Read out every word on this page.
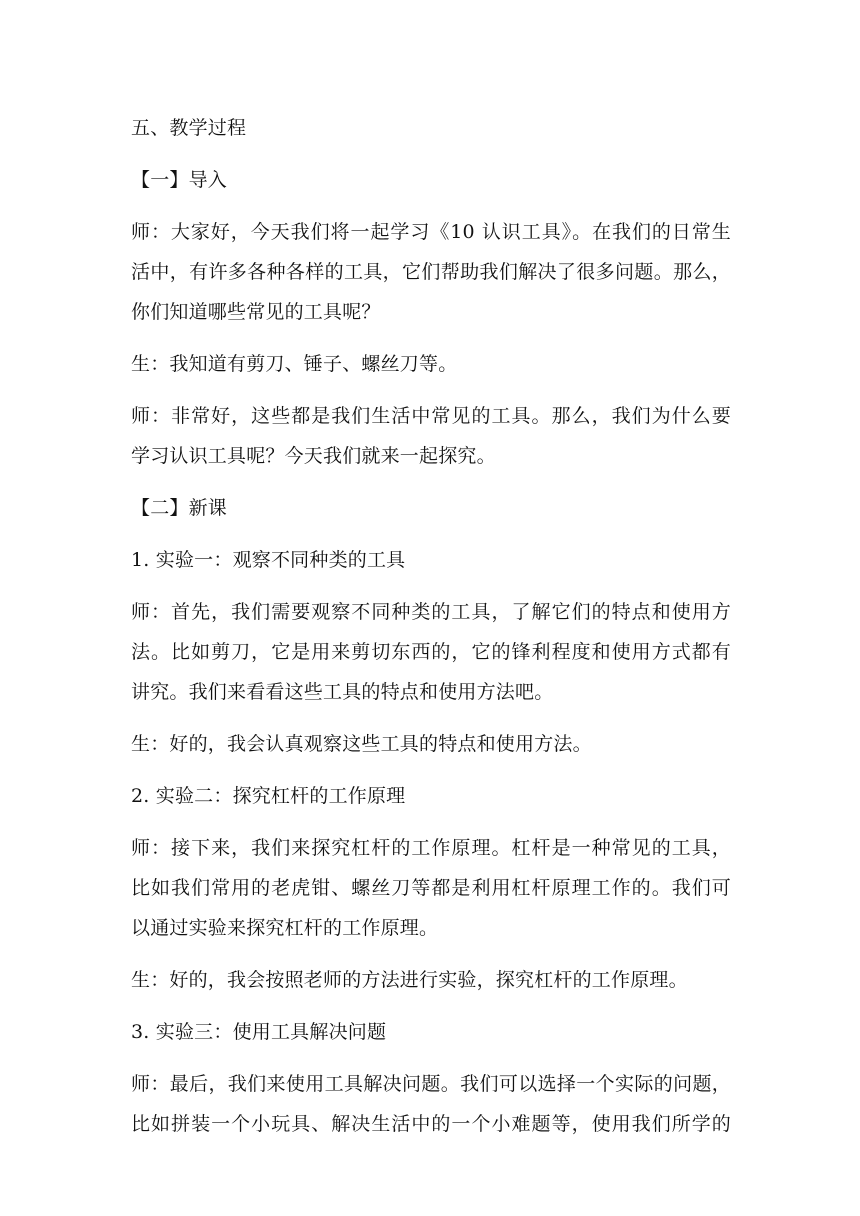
五、教学过程
【一】导入
师：大家好，今天我们将一起学习《10 认识工具》。在我们的日常生
活中，有许多各种各样的工具，它们帮助我们解决了很多问题。那么，
你们知道哪些常见的工具呢？
生：我知道有剪刀、锤子、螺丝刀等。
师：非常好，这些都是我们生活中常见的工具。那么，我们为什么要
学习认识工具呢？今天我们就来一起探究。
【二】新课
1. 实验一：观察不同种类的工具
师：首先，我们需要观察不同种类的工具，了解它们的特点和使用方
法。比如剪刀，它是用来剪切东西的，它的锋利程度和使用方式都有
讲究。我们来看看这些工具的特点和使用方法吧。
生：好的，我会认真观察这些工具的特点和使用方法。
2. 实验二：探究杠杆的工作原理
师：接下来，我们来探究杠杆的工作原理。杠杆是一种常见的工具，
比如我们常用的老虎钳、螺丝刀等都是利用杠杆原理工作的。我们可
以通过实验来探究杠杆的工作原理。
生：好的，我会按照老师的方法进行实验，探究杠杆的工作原理。
3. 实验三：使用工具解决问题
师：最后，我们来使用工具解决问题。我们可以选择一个实际的问题，
比如拼装一个小玩具、解决生活中的一个小难题等，使用我们所学的
